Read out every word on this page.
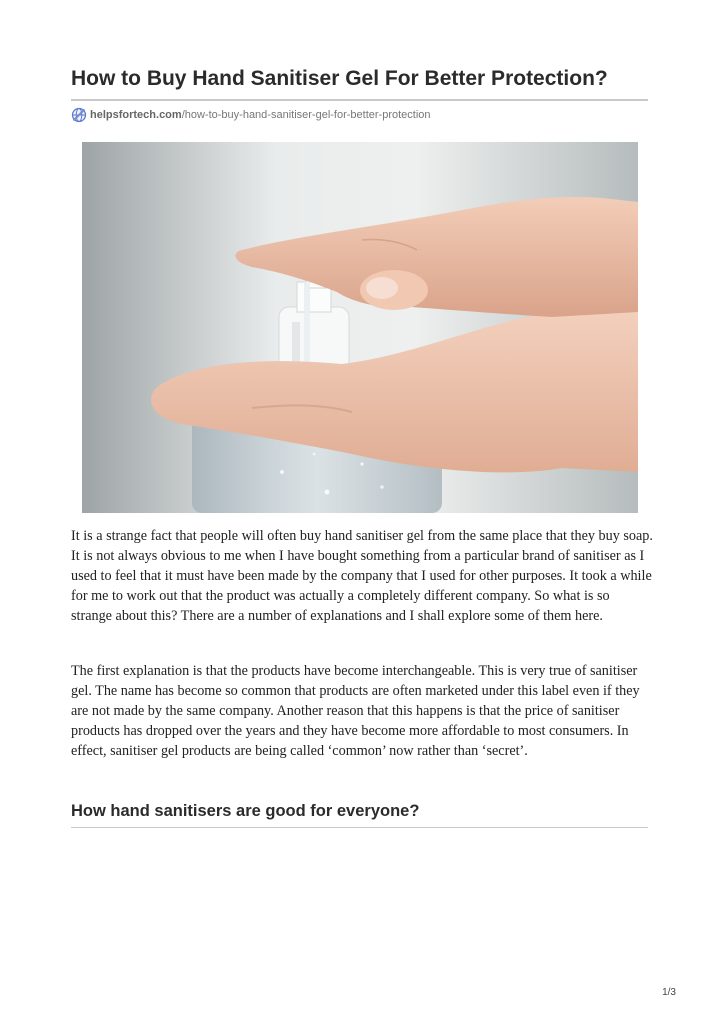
How to Buy Hand Sanitiser Gel For Better Protection?
helpsfortech.com /how-to-buy-hand-sanitiser-gel-for-better-protection

It is a strange fact that people will often buy hand sanitiser gel from the same place that they buy soap. It is not always obvious to me when I have bought something from a particular brand of sanitiser as I used to feel that it must have been made by the company that I used for other purposes. It took a while for me to work out that the product was actually a completely different company. So what is so strange about this? There are a number of explanations and I shall explore some of them here.

The first explanation is that the products have become interchangeable. This is very true of sanitiser gel. The name has become so common that products are often marketed under this label even if they are not made by the same company. Another reason that this happens is that the price of sanitiser products has dropped over the years and they have become more affordable to most consumers. In effect, sanitiser gel products are being called ‘common’ now rather than ‘secret’.

How hand sanitisers are good for everyone?
1/3
